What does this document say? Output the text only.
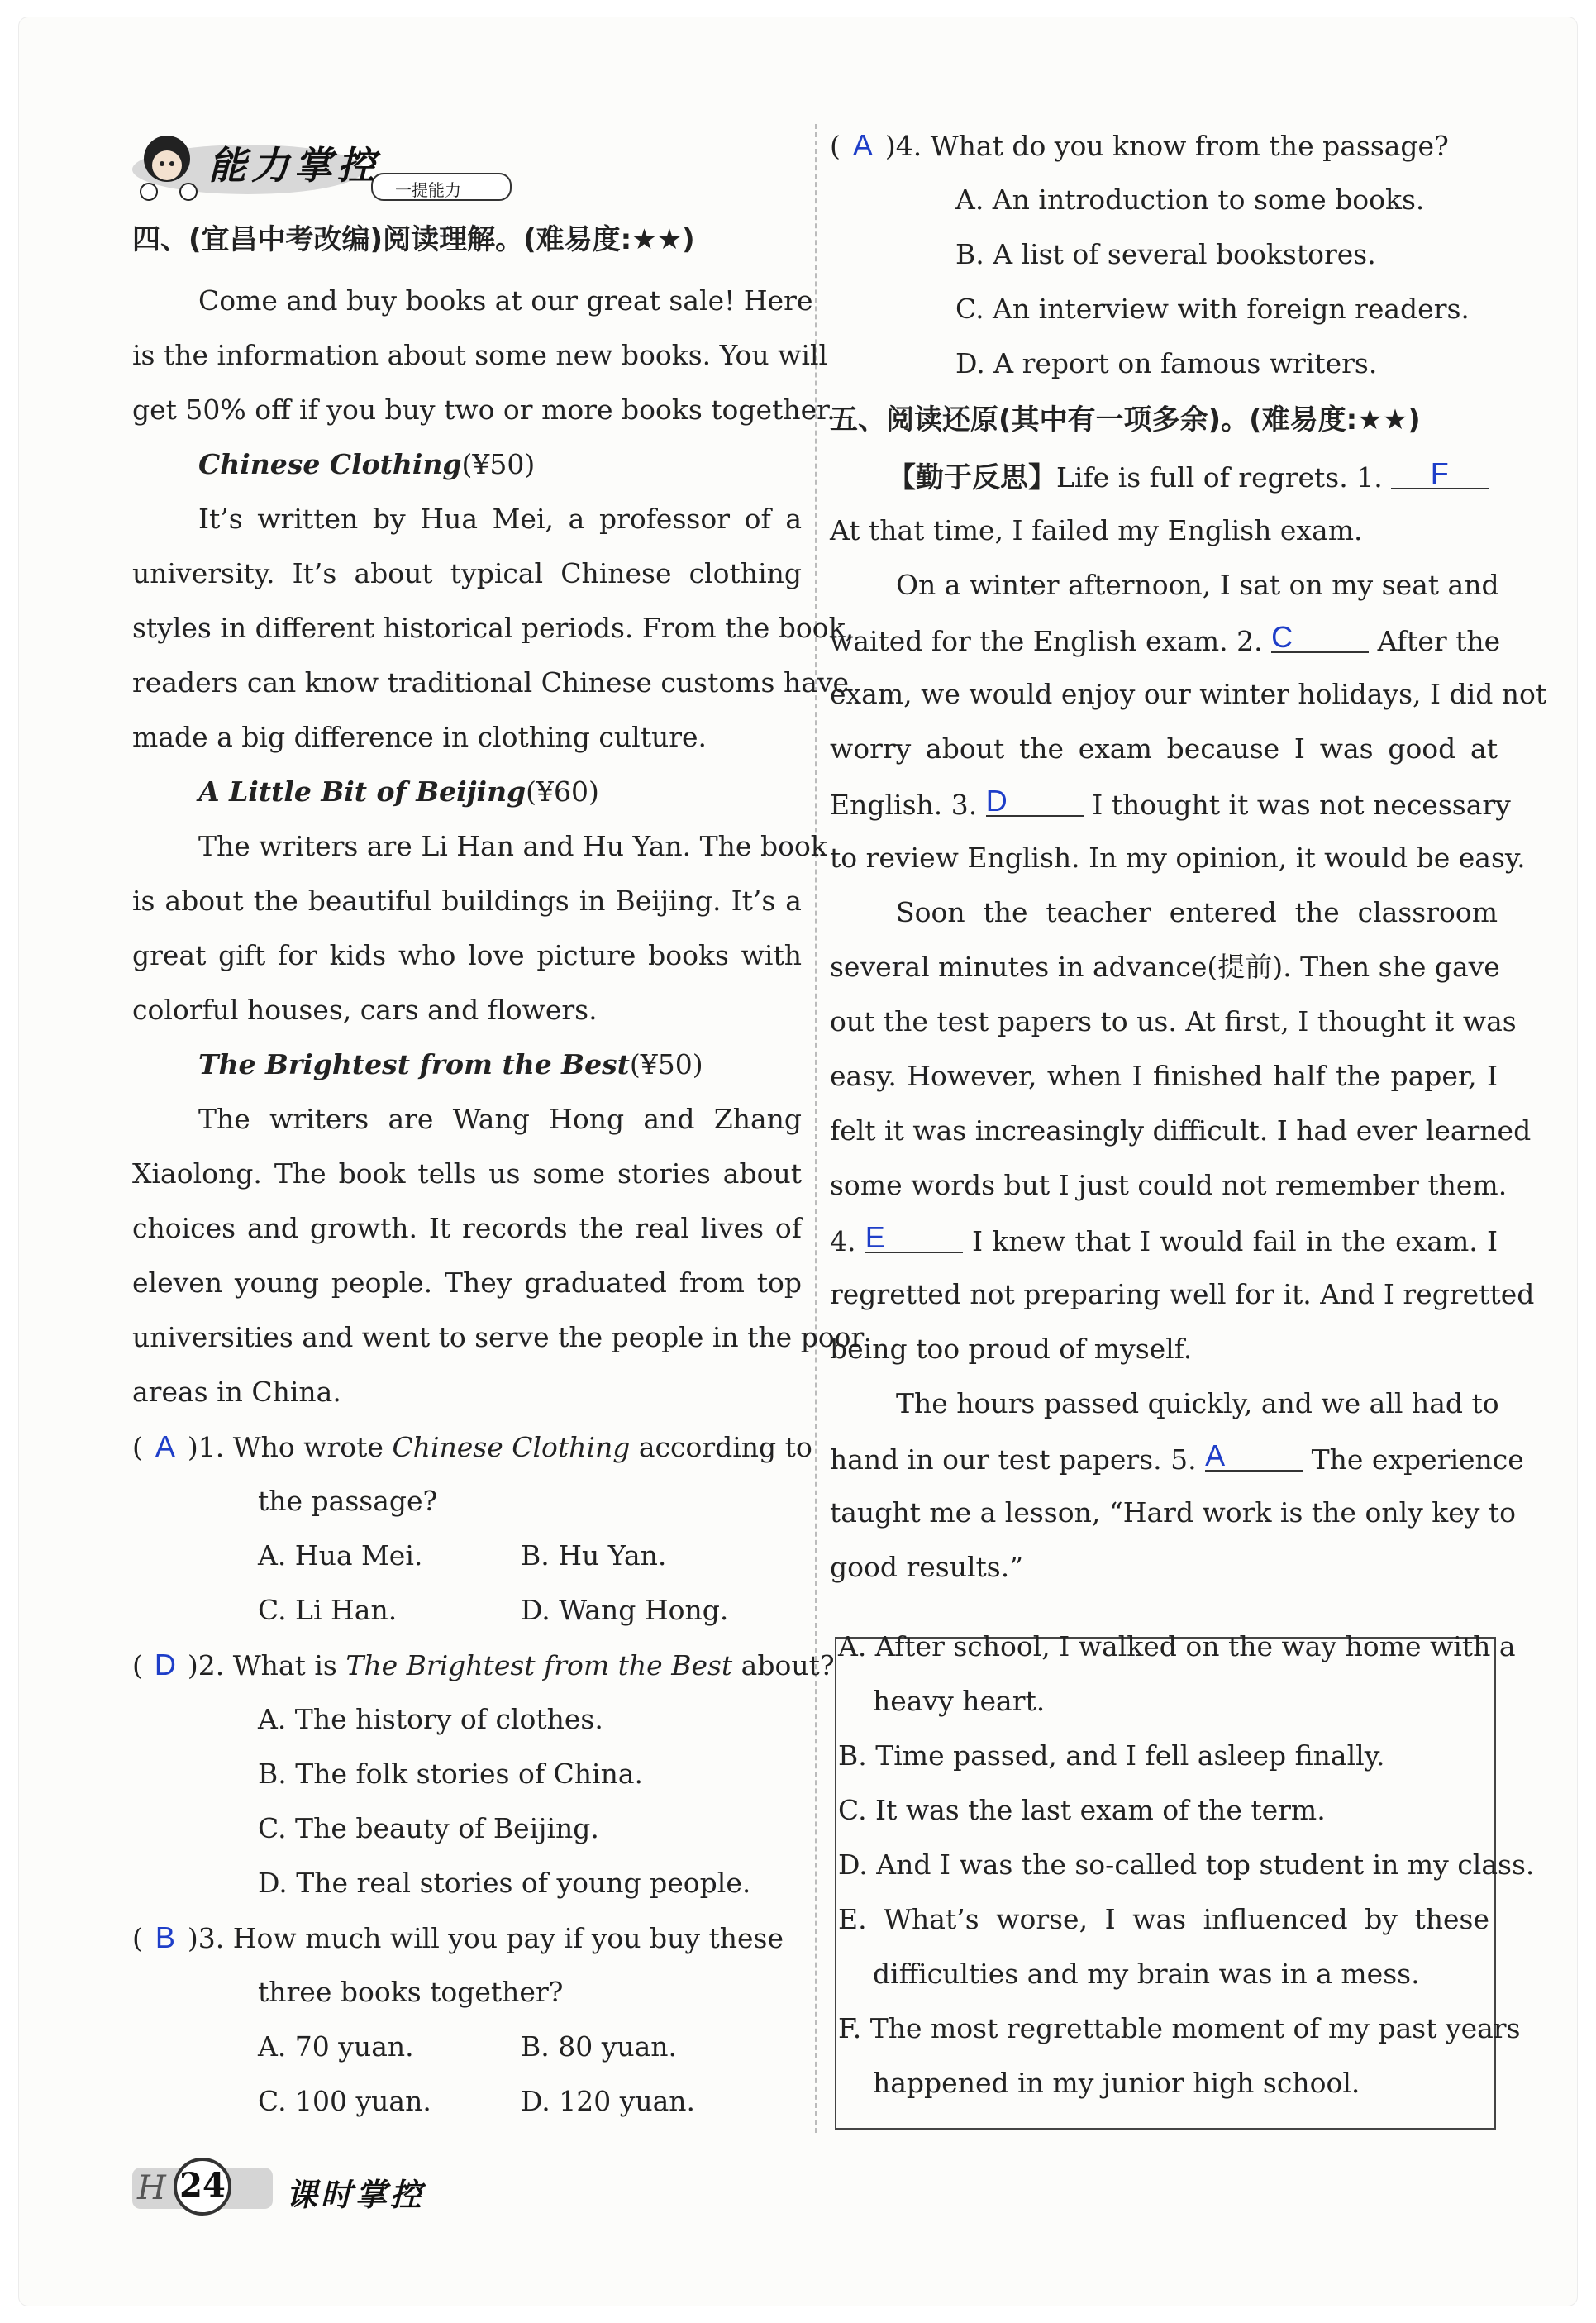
能力掌控
一提能力
四、(宜昌中考改编)阅读理解。(难易度:★★)
Come and buy books at our great sale! Here
is the information about some new books. You will
get 50% off if you buy two or more books together.
Chinese Clothing(¥50)
It’s written by Hua Mei, a professor of a
university. It’s about typical Chinese clothing
styles in different historical periods. From the book,
readers can know traditional Chinese customs have
made a big difference in clothing culture.
A Little Bit of Beijing(¥60)
The writers are Li Han and Hu Yan. The book
is about the beautiful buildings in Beijing. It’s a
great gift for kids who love picture books with
colorful houses, cars and flowers.
The Brightest from the Best(¥50)
The writers are Wang Hong and Zhang
Xiaolong. The book tells us some stories about
choices and growth. It records the real lives of
eleven young people. They graduated from top
universities and went to serve the people in the poor
areas in China.
( A )1. Who wrote Chinese Clothing according to
the passage?
A. Hua Mei.	B. Hu Yan.
C. Li Han.	D. Wang Hong.
( D )2. What is The Brightest from the Best about?
A. The history of clothes.
B. The folk stories of China.
C. The beauty of Beijing.
D. The real stories of young people.
( B )3. How much will you pay if you buy these
three books together?
A. 70 yuan.	B. 80 yuan.
C. 100 yuan.	D. 120 yuan.
( A )4. What do you know from the passage?
A. An introduction to some books.
B. A list of several bookstores.
C. An interview with foreign readers.
D. A report on famous writers.
五、阅读还原(其中有一项多余)。(难易度:★★)
【勤于反思】Life is full of regrets. 1. F
At that time, I failed my English exam.
On a winter afternoon, I sat on my seat and
waited for the English exam. 2. C	After the
exam, we would enjoy our winter holidays, I did not
worry about the exam because I was good at
English. 3. D	I thought it was not necessary
to review English. In my opinion, it would be easy.
Soon the teacher entered the classroom
several minutes in advance(提前). Then she gave
out the test papers to us. At first, I thought it was
easy. However, when I finished half the paper, I
felt it was increasingly difficult. I had ever learned
some words but I just could not remember them.
4. E	I knew that I would fail in the exam. I
regretted not preparing well for it. And I regretted
being too proud of myself.
The hours passed quickly, and we all had to
hand in our test papers. 5. A	The experience
taught me a lesson, “Hard work is the only key to
good results.”
A. After school, I walked on the way home with a
heavy heart.
B. Time passed, and I fell asleep finally.
C. It was the last exam of the term.
D. And I was the so-called top student in my class.
E. What’s worse, I was influenced by these
difficulties and my brain was in a mess.
F. The most regrettable moment of my past years
happened in my junior high school.
H 24 课时掌控
